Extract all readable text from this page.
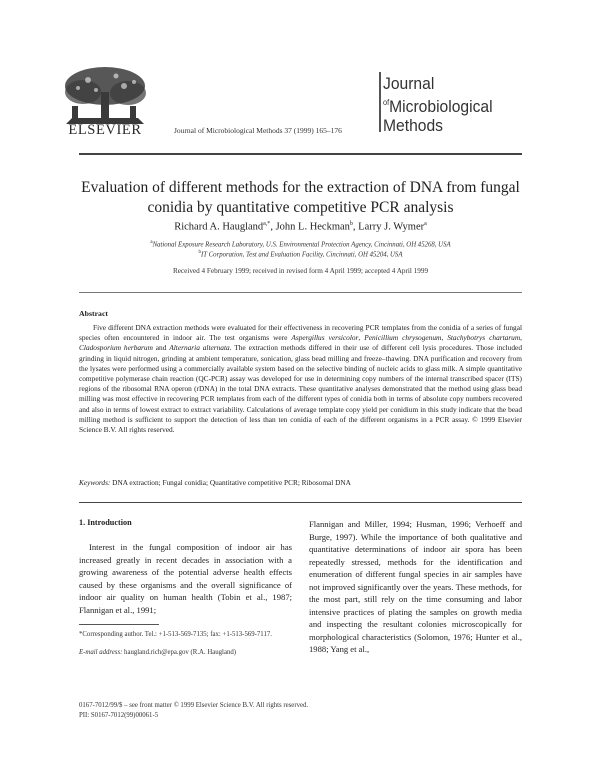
ELSEVIER	Journal of Microbiological Methods 37 (1999) 165–176
Journal
$^{of}$Microbiological
Methods
Evaluation of different methods for the extraction of DNA from fungal conidia by quantitative competitive PCR analysis
Richard A. Haugland$^{a,*}$, John L. Heckman$^b$, Larry J. Wymer$^a$
$^a$National Exposure Research Laboratory, U.S. Environmental Protection Agency, Cincinnati, OH 45268, USA
$^b$IT Corporation, Test and Evaluation Facility, Cincinnati, OH 45204, USA
Received 4 February 1999; received in revised form 4 April 1999; accepted 4 April 1999
Abstract
Five different DNA extraction methods were evaluated for their effectiveness in recovering PCR templates from the conidia of a series of fungal species often encountered in indoor air. The test organisms were Aspergillus versicolor, Penicillium chrysogenum, Stachybotrys chartarum, Cladosporium herbarum and Alternaria alternata. The extraction methods differed in their use of different cell lysis procedures. Those included grinding in liquid nitrogen, grinding at ambient temperature, sonication, glass bead milling and freeze–thawing. DNA purification and recovery from the lysates were performed using a commercially available system based on the selective binding of nucleic acids to glass milk. A simple quantitative competitive polymerase chain reaction (QC-PCR) assay was developed for use in determining copy numbers of the internal transcribed spacer (ITS) regions of the ribosomal RNA operon (rDNA) in the total DNA extracts. These quantitative analyses demonstrated that the method using glass bead milling was most effective in recovering PCR templates from each of the different types of conidia both in terms of absolute copy numbers recovered and also in terms of lowest extract to extract variability. Calculations of average template copy yield per conidium in this study indicate that the bead milling method is sufficient to support the detection of less than ten conidia of each of the different organisms in a PCR assay. © 1999 Elsevier Science B.V. All rights reserved.
Keywords: DNA extraction; Fungal conidia; Quantitative competitive PCR; Ribosomal DNA
1. Introduction
Interest in the fungal composition of indoor air has increased greatly in recent decades in association with a growing awareness of the potential adverse health effects caused by these organisms and the overall significance of indoor air quality on human health (Tobin et al., 1987; Flannigan et al., 1991;
Flannigan and Miller, 1994; Husman, 1996; Verhoeff and Burge, 1997). While the importance of both qualitative and quantitative determinations of indoor air spora has been repeatedly stressed, methods for the identification and enumeration of different fungal species in air samples have not improved significantly over the years. These methods, for the most part, still rely on the time consuming and labor intensive practices of plating the samples on growth media and inspecting the resultant colonies microscopically for morphological characteristics (Solomon, 1976; Hunter et al., 1988; Yang et al.,
*Corresponding author. Tel.: +1-513-569-7135; fax: +1-513-569-7117.
E-mail address: haugland.rich@epa.gov (R.A. Haugland)
0167-7012/99/$ – see front matter © 1999 Elsevier Science B.V. All rights reserved.
PII: S0167-7012(99)00061-5
